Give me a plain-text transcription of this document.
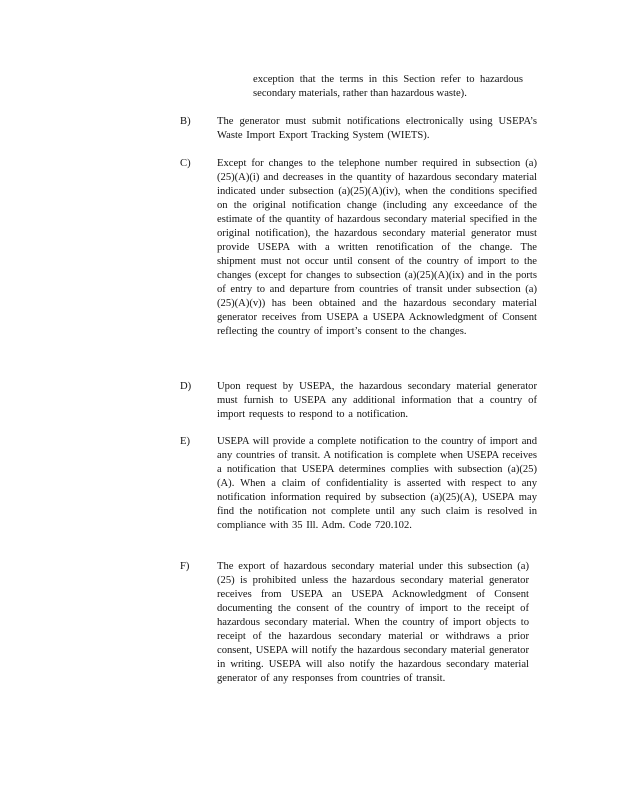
exception that the terms in this Section refer to hazardous secondary materials, rather than hazardous waste).
B) The generator must submit notifications electronically using USEPA’s Waste Import Export Tracking System (WIETS).
C) Except for changes to the telephone number required in subsection (a)(25)(A)(i) and decreases in the quantity of hazardous secondary material indicated under subsection (a)(25)(A)(iv), when the conditions specified on the original notification change (including any exceedance of the estimate of the quantity of hazardous secondary material specified in the original notification), the hazardous secondary material generator must provide USEPA with a written renotification of the change. The shipment must not occur until consent of the country of import to the changes (except for changes to subsection (a)(25)(A)(ix) and in the ports of entry to and departure from countries of transit under subsection (a)(25)(A)(v)) has been obtained and the hazardous secondary material generator receives from USEPA a USEPA Acknowledgment of Consent reflecting the country of import’s consent to the changes.
D) Upon request by USEPA, the hazardous secondary material generator must furnish to USEPA any additional information that a country of import requests to respond to a notification.
E)	USEPA will provide a complete notification to the country of import and any countries of transit. A notification is complete when USEPA receives a notification that USEPA determines complies with subsection (a)(25)(A). When a claim of confidentiality is asserted with respect to any notification information required by subsection (a)(25)(A), USEPA may find the notification not complete until any such claim is resolved in compliance with 35 Ill. Adm. Code 720.102.
F)	The export of hazardous secondary material under this subsection (a)(25) is prohibited unless the hazardous secondary material generator receives from USEPA an USEPA Acknowledgment of Consent documenting the consent of the country of import to the receipt of hazardous secondary material. When the country of import objects to receipt of the hazardous secondary material or withdraws a prior consent, USEPA will notify the hazardous secondary material generator in writing. USEPA will also notify the hazardous secondary material generator of any responses from countries of transit.
